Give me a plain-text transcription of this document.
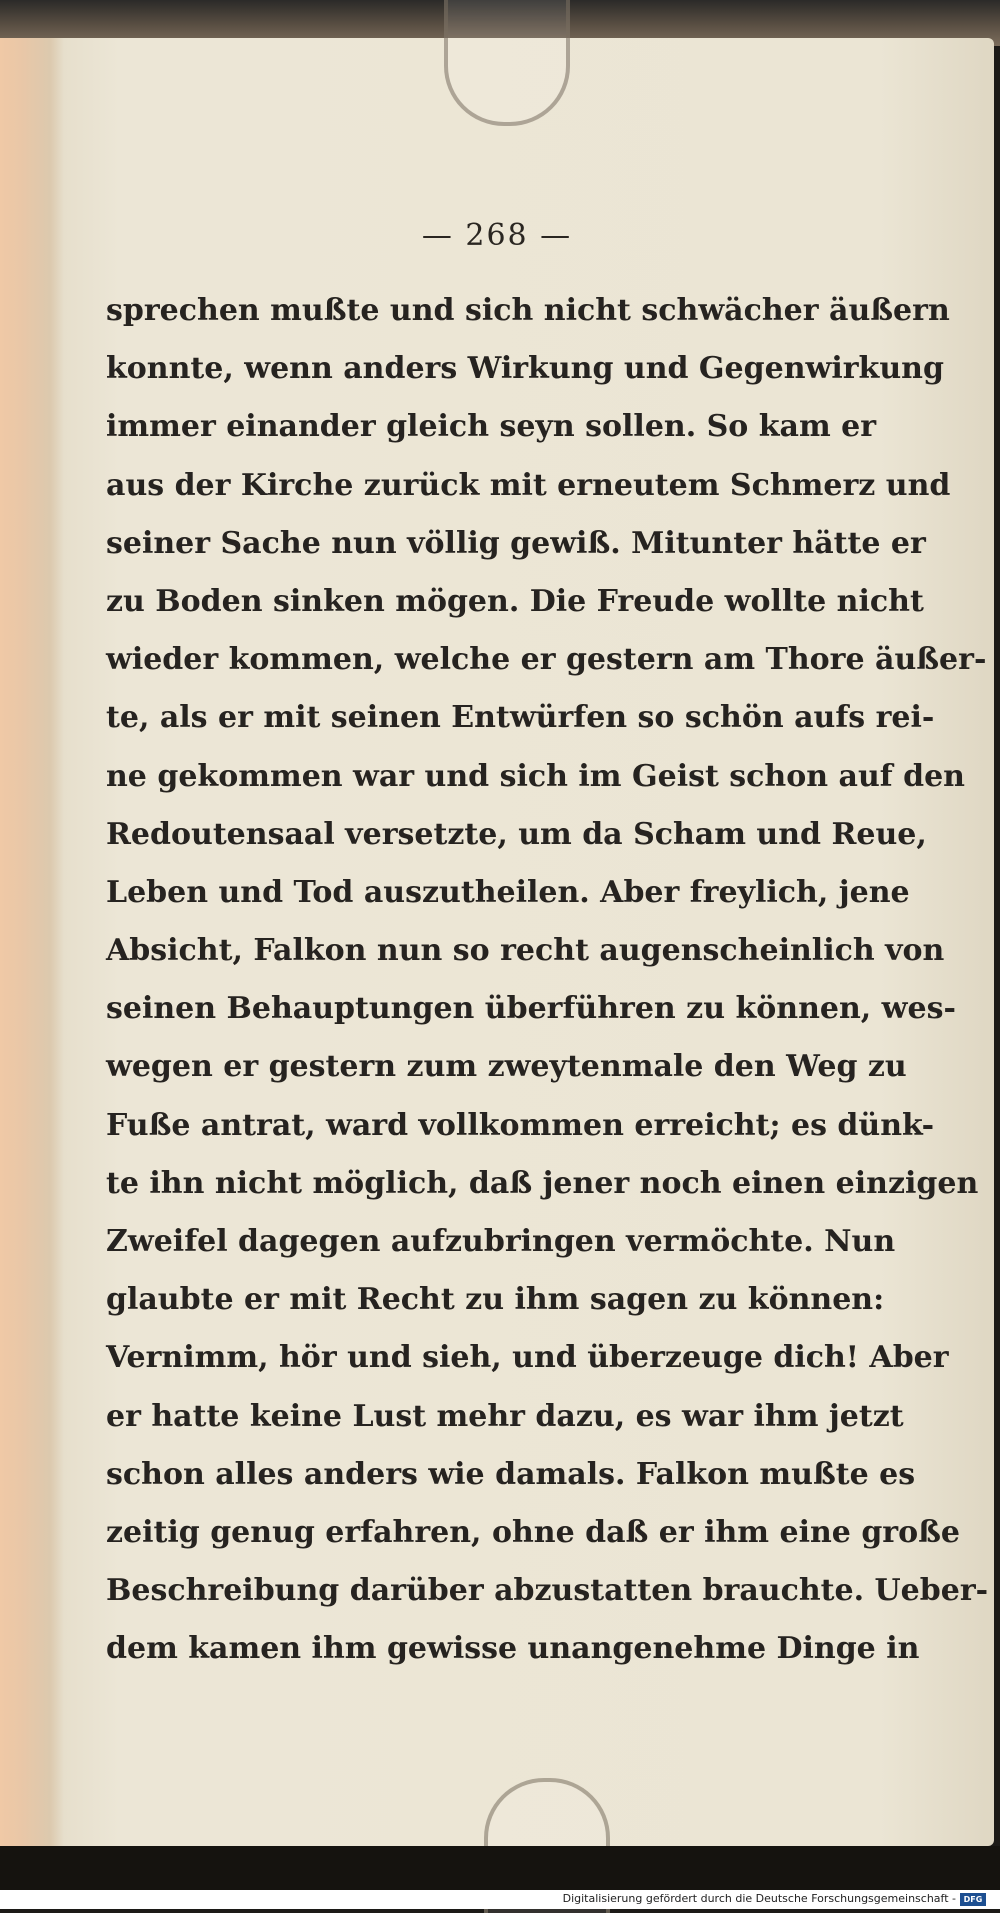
— 268 —
sprechen mußte und sich nicht schwächer äußern
konnte, wenn anders Wirkung und Gegenwirkung
immer einander gleich seyn sollen. So kam er
aus der Kirche zurück mit erneutem Schmerz und
seiner Sache nun völlig gewiß. Mitunter hätte er
zu Boden sinken mögen. Die Freude wollte nicht
wieder kommen, welche er gestern am Thore äußer-
te, als er mit seinen Entwürfen so schön aufs rei-
ne gekommen war und sich im Geist schon auf den
Redoutensaal versetzte, um da Scham und Reue,
Leben und Tod auszutheilen. Aber freylich, jene
Absicht, Falkon nun so recht augenscheinlich von
seinen Behauptungen überführen zu können, wes-
wegen er gestern zum zweytenmale den Weg zu
Fuße antrat, ward vollkommen erreicht; es dünk-
te ihn nicht möglich, daß jener noch einen einzigen
Zweifel dagegen aufzubringen vermöchte. Nun
glaubte er mit Recht zu ihm sagen zu können:
Vernimm, hör und sieh, und überzeuge dich! Aber
er hatte keine Lust mehr dazu, es war ihm jetzt
schon alles anders wie damals. Falkon mußte es
zeitig genug erfahren, ohne daß er ihm eine große
Beschreibung darüber abzustatten brauchte. Ueber-
dem kamen ihm gewisse unangenehme Dinge in
Digitalisierung gefördert durch die Deutsche Forschungsgemeinschaft - DFG
